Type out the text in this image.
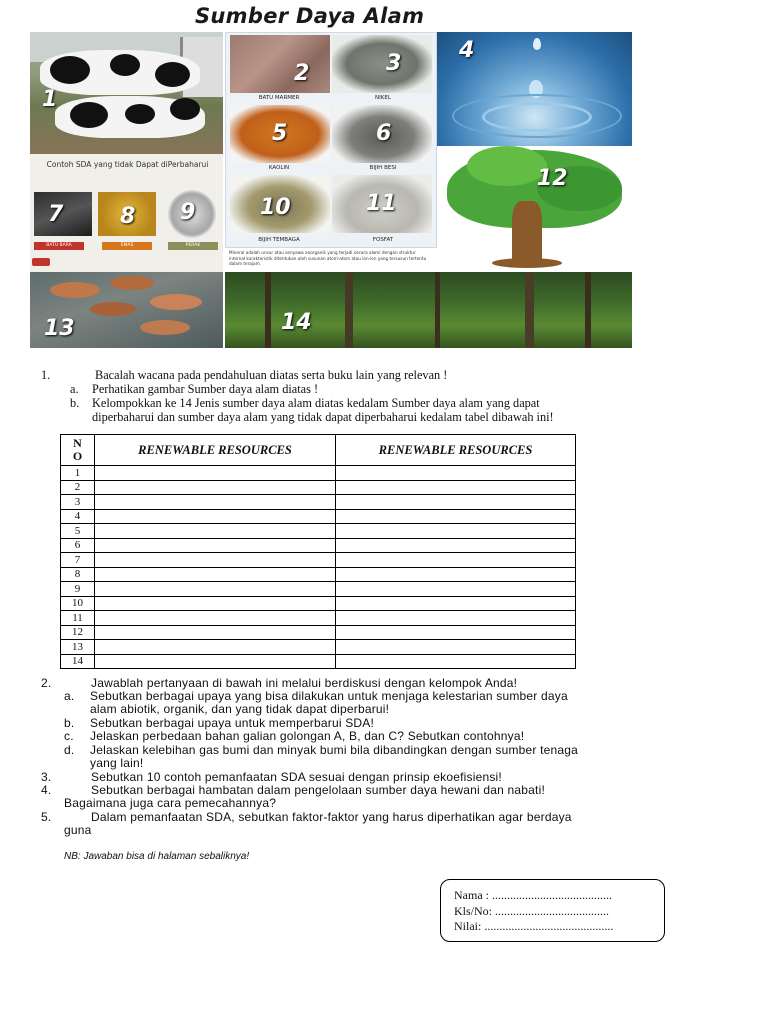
Sumber Daya Alam
1
2	3
BATU MARMER	NIKEL
5	6
KAOLIN	BIJIH BESI
10	11
BIJIH TEMBAGA	FOSFAT
4
12
Contoh SDA yang tidak Dapat diPerbaharui
7	8 9
BATU BARA	EMAS	PERAK
Mineral adalah unsur atau senyawa anorganik yang terjadi secara alami dengan struktur internal karakteristik ditentukan oleh susunan atom-atom atau ion-ion yang tersusun tertentu dalam terajam.
13	14
1.	Bacalah wacana pada pendahuluan diatas serta buku lain yang relevan !
a. Perhatikan gambar Sumber daya alam diatas !
b. Kelompokkan ke 14 Jenis sumber daya alam diatas kedalam Sumber daya alam yang dapat
diperbaharui dan sumber daya alam yang tidak dapat diperbaharui kedalam tabel dibawah ini!
N
O	RENEWABLE RESOURCES	RENEWABLE RESOURCES
1		
2		
3		
4		
5		
6		
7		
8		
9		
10		
11		
12		
13		
14		
2.	Jawablah pertanyaan di bawah ini melalui berdiskusi dengan kelompok Anda!
a. Sebutkan berbagai upaya yang bisa dilakukan untuk menjaga kelestarian sumber daya
alam abiotik, organik, dan yang tidak dapat diperbarui!
b. Sebutkan berbagai upaya untuk memperbarui SDA!
c. Jelaskan perbedaan bahan galian golongan A, B, dan C? Sebutkan contohnya!
d. Jelaskan kelebihan gas bumi dan minyak bumi bila dibandingkan dengan sumber tenaga
yang lain!
3.	Sebutkan 10 contoh pemanfaatan SDA sesuai dengan prinsip ekoefisiensi!
4.	Sebutkan berbagai hambatan dalam pengelolaan sumber daya hewani dan nabati!
Bagaimana juga cara pemecahannya?
5.	Dalam pemanfaatan SDA, sebutkan faktor-faktor yang harus diperhatikan agar berdaya
guna
NB: Jawaban bisa di halaman sebaliknya!
Nama : ........................................
Kls/No: ......................................
Nilai: ...........................................
